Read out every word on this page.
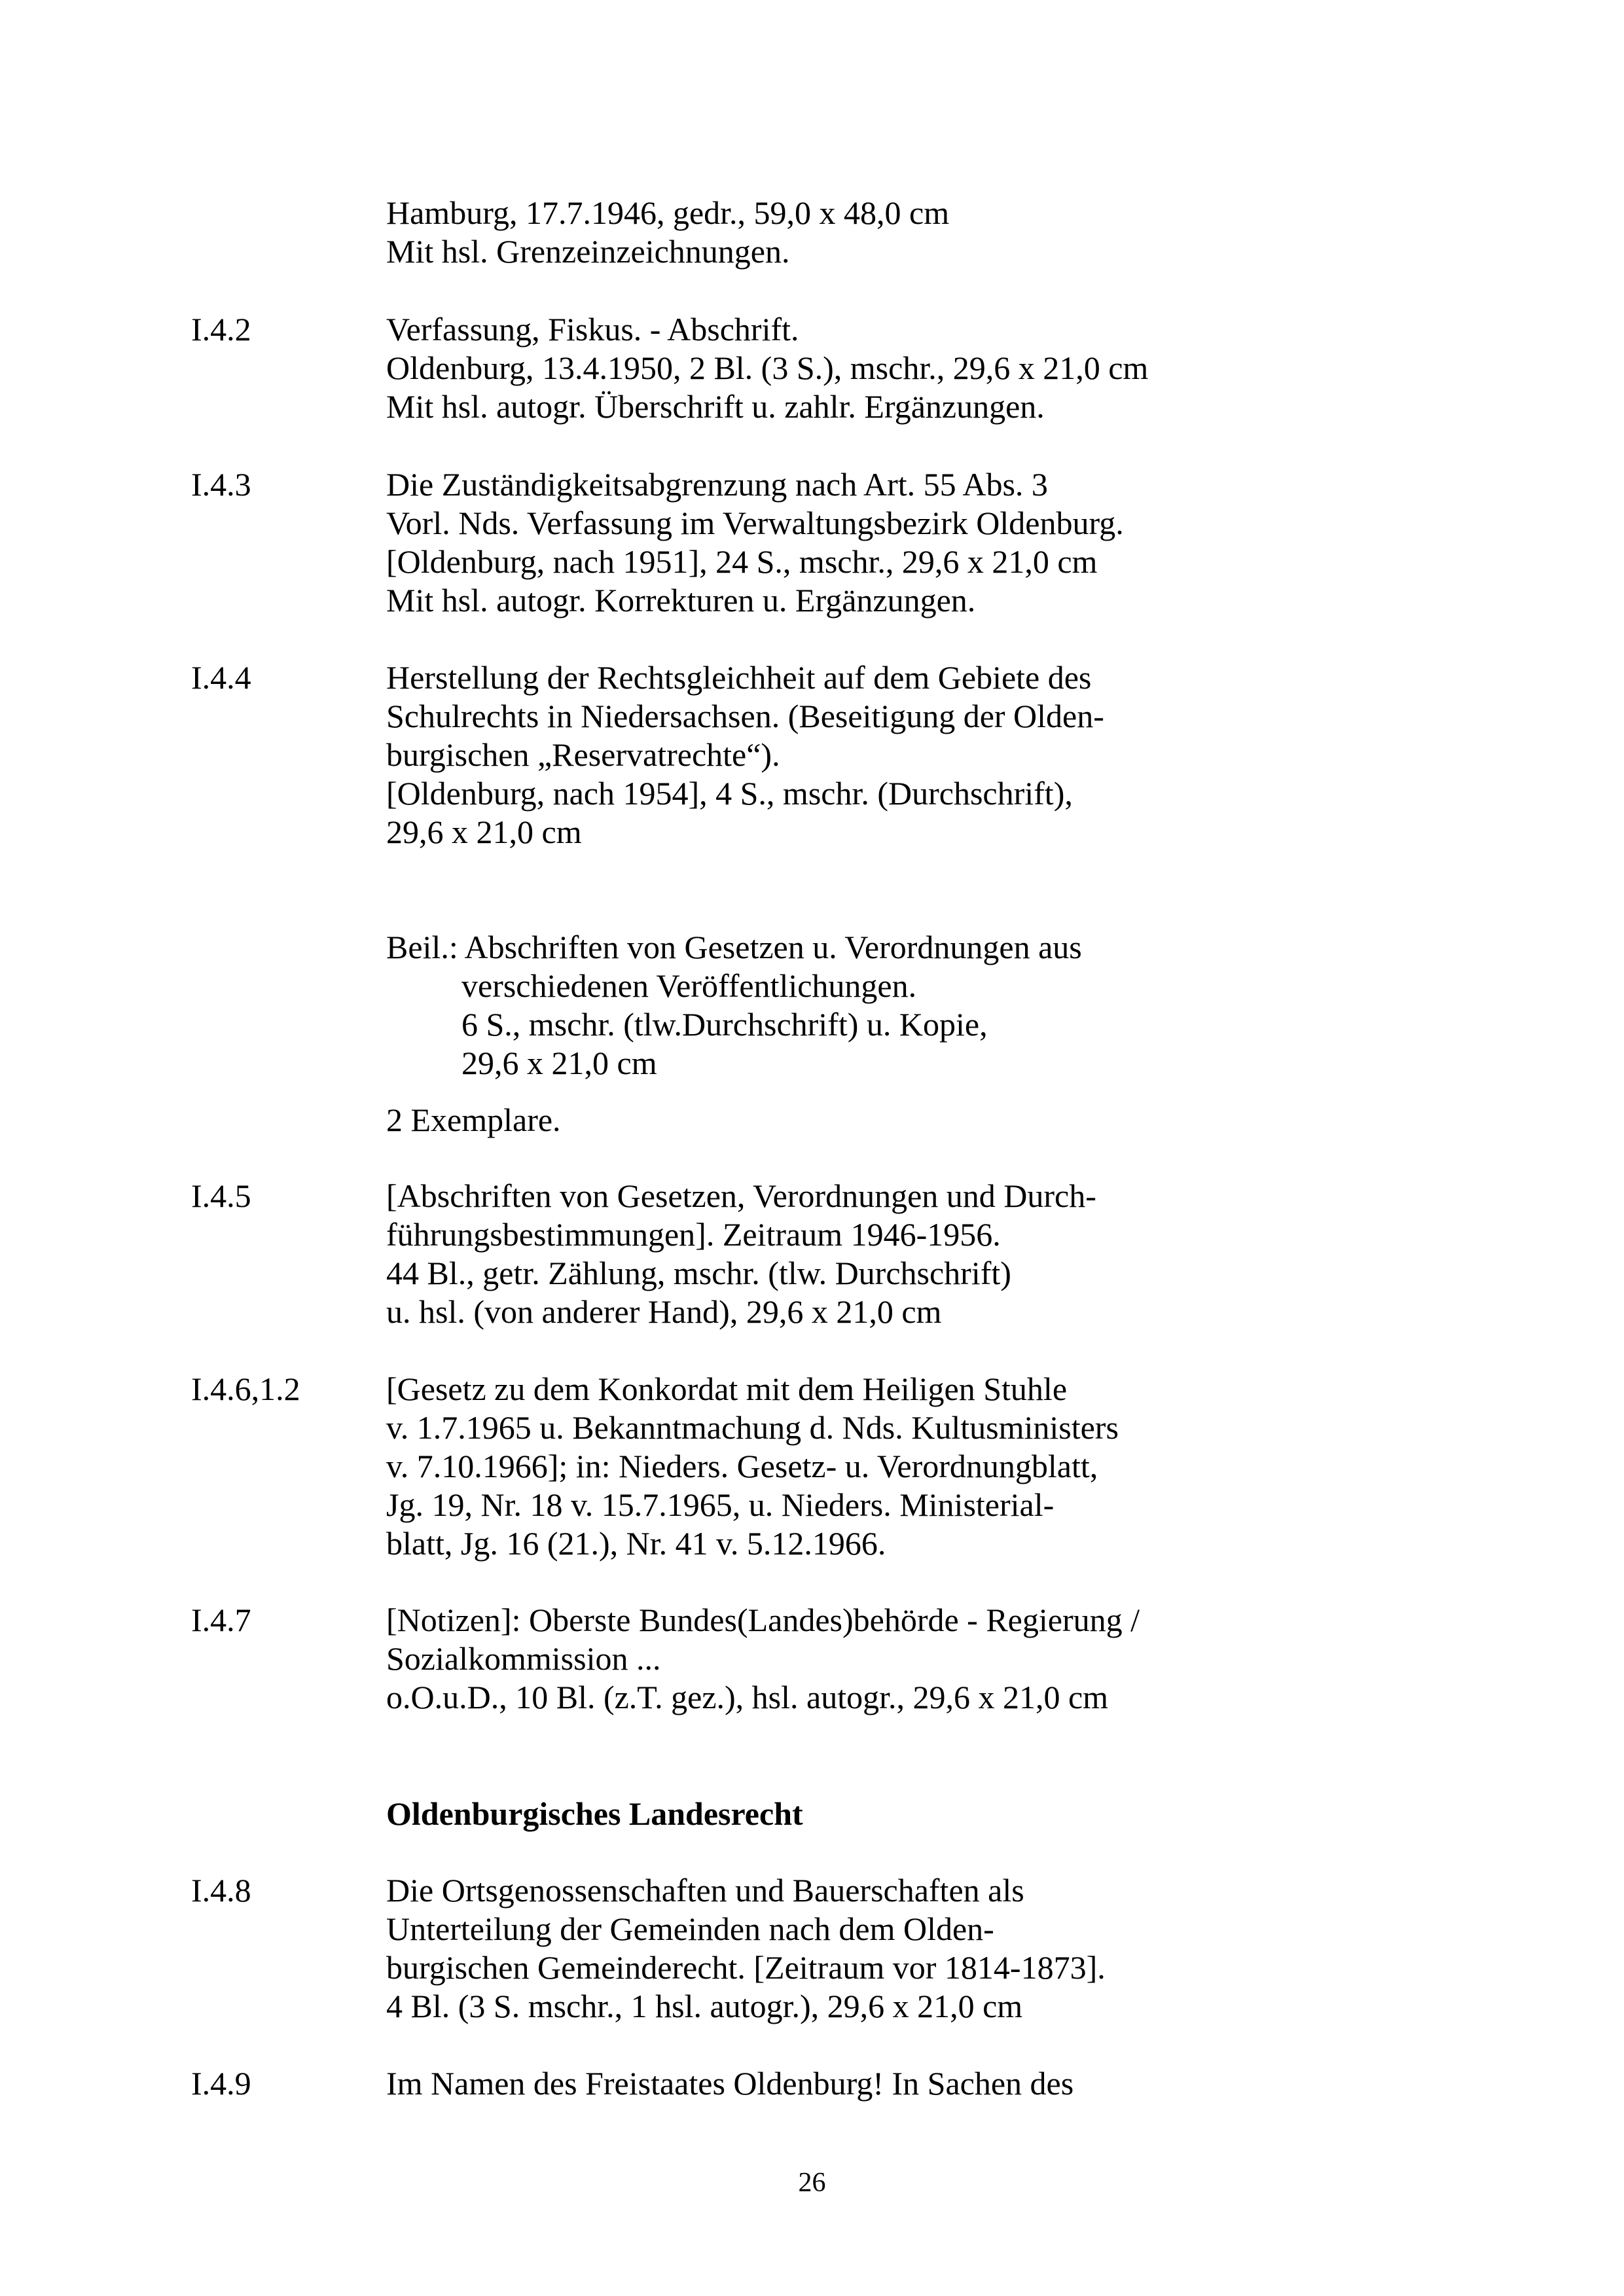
Hamburg, 17.7.1946, gedr., 59,0 x 48,0 cm
Mit hsl. Grenzeinzeichnungen.
I.4.2	Verfassung, Fiskus. - Abschrift.
Oldenburg, 13.4.1950, 2 Bl. (3 S.), mschr., 29,6 x 21,0 cm
Mit hsl. autogr. Überschrift u. zahlr. Ergänzungen.
I.4.3	Die Zuständigkeitsabgrenzung nach Art. 55 Abs. 3
Vorl. Nds. Verfassung im Verwaltungsbezirk Oldenburg.
[Oldenburg, nach 1951], 24 S., mschr., 29,6 x 21,0 cm
Mit hsl. autogr. Korrekturen u. Ergänzungen.
I.4.4	Herstellung der Rechtsgleichheit auf dem Gebiete des
Schulrechts in Niedersachsen. (Beseitigung der Olden-
burgischen „Reservatrechte“).
[Oldenburg, nach 1954], 4 S., mschr. (Durchschrift),
29,6 x 21,0 cm
Beil.: Abschriften von Gesetzen u. Verordnungen aus
verschiedenen Veröffentlichungen.
6 S., mschr. (tlw.Durchschrift) u. Kopie,
29,6 x 21,0 cm
2 Exemplare.
I.4.5	[Abschriften von Gesetzen, Verordnungen und Durch-
führungsbestimmungen]. Zeitraum 1946-1956.
44 Bl., getr. Zählung, mschr. (tlw. Durchschrift)
u. hsl. (von anderer Hand), 29,6 x 21,0 cm
I.4.6,1.2	[Gesetz zu dem Konkordat mit dem Heiligen Stuhle
v. 1.7.1965 u. Bekanntmachung d. Nds. Kultusministers
v. 7.10.1966]; in: Nieders. Gesetz- u. Verordnungblatt,
Jg. 19, Nr. 18 v. 15.7.1965, u. Nieders. Ministerial-
blatt, Jg. 16 (21.), Nr. 41 v. 5.12.1966.
I.4.7	[Notizen]: Oberste Bundes(Landes)behörde - Regierung /
Sozialkommission ...
o.O.u.D., 10 Bl. (z.T. gez.), hsl. autogr., 29,6 x 21,0 cm
Oldenburgisches Landesrecht
I.4.8	Die Ortsgenossenschaften und Bauerschaften als
Unterteilung der Gemeinden nach dem Olden-
burgischen Gemeinderecht. [Zeitraum vor 1814-1873].
4 Bl. (3 S. mschr., 1 hsl. autogr.), 29,6 x 21,0 cm
I.4.9	Im Namen des Freistaates Oldenburg! In Sachen des
26
